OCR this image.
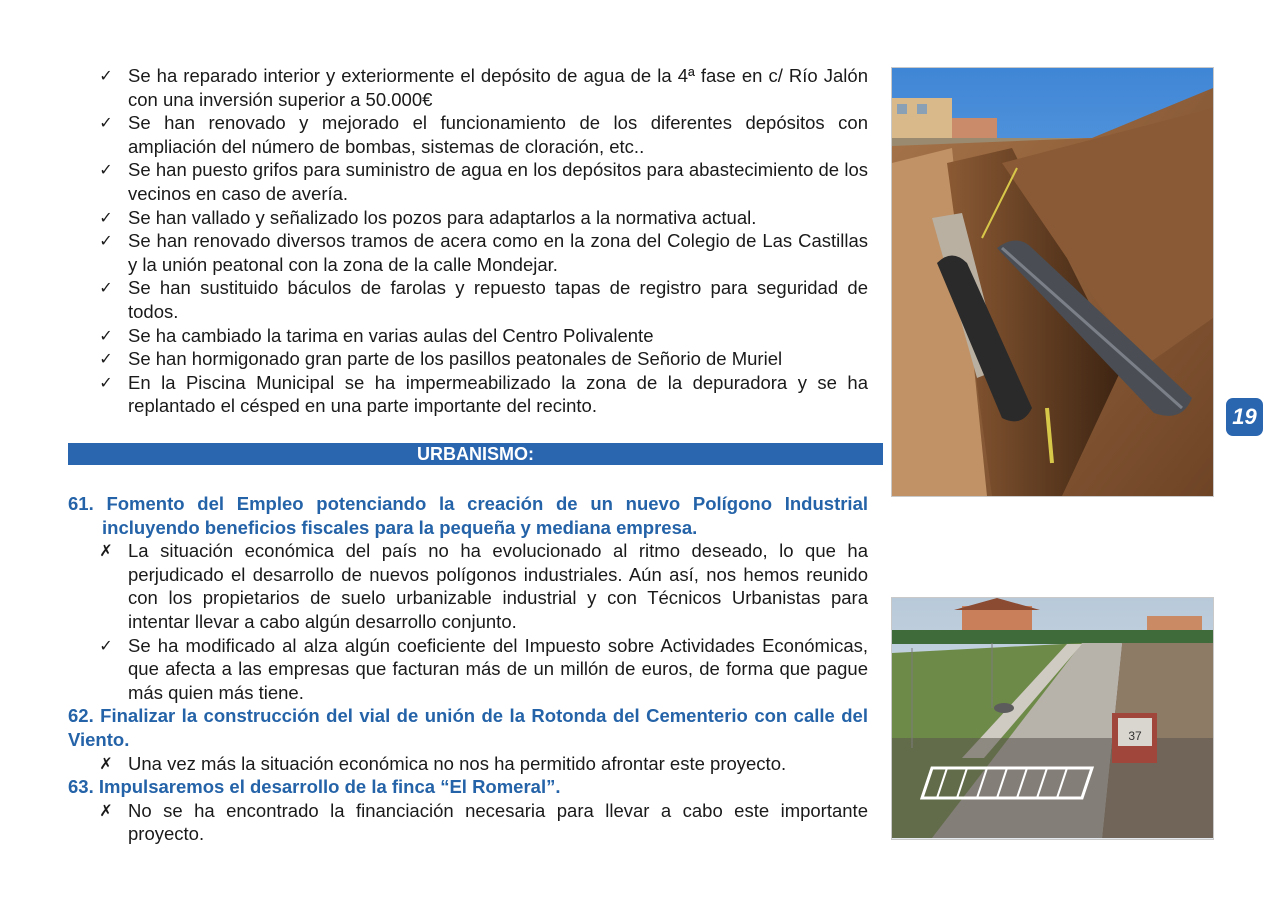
✓ Se ha reparado interior y exteriormente el depósito de agua de la 4ª fase en c/ Río Jalón con una inversión superior a 50.000€
✓ Se han renovado y mejorado el funcionamiento de los diferentes depósitos con ampliación del número de bombas, sistemas de cloración, etc..
✓ Se han puesto grifos para suministro de agua en los depósitos para abastecimiento de los vecinos en caso de avería.
✓ Se han vallado y señalizado los pozos para adaptarlos a la normativa actual.
✓ Se han renovado diversos tramos de acera como en la zona del Colegio de Las Castillas y la unión peatonal con la zona de la calle Mondejar.
✓ Se han sustituido báculos de farolas y repuesto tapas de registro para seguridad de todos.
✓ Se ha cambiado la tarima en varias aulas del Centro Polivalente
✓ Se han hormigonado gran parte de los pasillos peatonales de Señorio de Muriel
✓ En la Piscina Municipal se ha impermeabilizado la zona de la depuradora y se ha replantado el césped en una parte importante del recinto.
URBANISMO:
61. Fomento del Empleo potenciando la creación de un nuevo Polígono Industrial incluyendo beneficios fiscales para la pequeña y mediana empresa.
✗ La situación económica del país no ha evolucionado al ritmo deseado, lo que ha perjudicado el desarrollo de nuevos polígonos industriales. Aún así, nos hemos reunido con los propietarios de suelo urbanizable industrial y con Técnicos Urbanistas para intentar llevar a cabo algún desarrollo conjunto.
✓ Se ha modificado al alza algún coeficiente del Impuesto sobre Actividades Económicas, que afecta a las empresas que facturan más de un millón de euros, de forma que pague más quien más tiene.
62. Finalizar la construcción del vial de unión de la Rotonda del Cementerio con calle del Viento.
✗ Una vez más la situación económica no nos ha permitido afrontar este proyecto.
63. Impulsaremos el desarrollo de la finca “El Romeral”.
✗ No se ha encontrado la financiación necesaria para llevar a cabo este importante proyecto.
37
19
